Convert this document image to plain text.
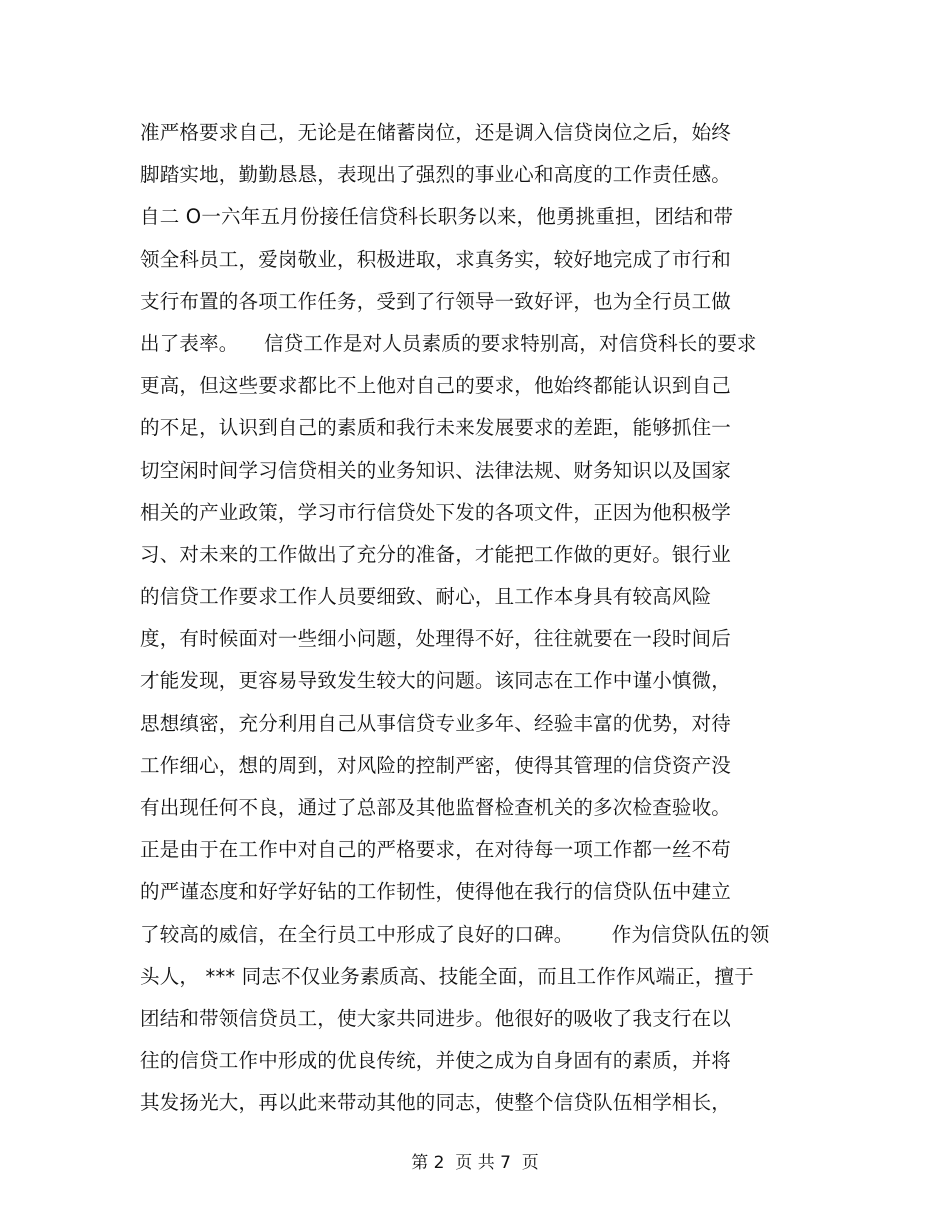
准严格要求自己，无论是在储蓄岗位，还是调入信贷岗位之后，始终
脚踏实地，勤勤恳恳，表现出了强烈的事业心和高度的工作责任感。
自二 O一六年五月份接任信贷科长职务以来，他勇挑重担，团结和带
领全科员工，爱岗敬业，积极进取，求真务实，较好地完成了市行和
支行布置的各项工作任务，受到了行领导一致好评，也为全行员工做
出了表率。    信贷工作是对人员素质的要求特别高，对信贷科长的要求
更高，但这些要求都比不上他对自己的要求，他始终都能认识到自己
的不足，认识到自己的素质和我行未来发展要求的差距，能够抓住一
切空闲时间学习信贷相关的业务知识、法律法规、财务知识以及国家
相关的产业政策，学习市行信贷处下发的各项文件，正因为他积极学
习、对未来的工作做出了充分的准备，才能把工作做的更好。银行业
的信贷工作要求工作人员要细致、耐心，且工作本身具有较高风险
度，有时候面对一些细小问题，处理得不好，往往就要在一段时间后
才能发现，更容易导致发生较大的问题。该同志在工作中谨小慎微，
思想缜密，充分利用自己从事信贷专业多年、经验丰富的优势，对待
工作细心，想的周到，对风险的控制严密，使得其管理的信贷资产没
有出现任何不良，通过了总部及其他监督检查机关的多次检查验收。
正是由于在工作中对自己的严格要求，在对待每一项工作都一丝不苟
的严谨态度和好学好钻的工作韧性，使得他在我行的信贷队伍中建立
了较高的威信，在全行员工中形成了良好的口碑。      作为信贷队伍的领
头人， *** 同志不仅业务素质高、技能全面，而且工作作风端正，擅于
团结和带领信贷员工，使大家共同进步。他很好的吸收了我支行在以
往的信贷工作中形成的优良传统，并使之成为自身固有的素质，并将
其发扬光大，再以此来带动其他的同志，使整个信贷队伍相学相长，
第 2  页 共 7  页
